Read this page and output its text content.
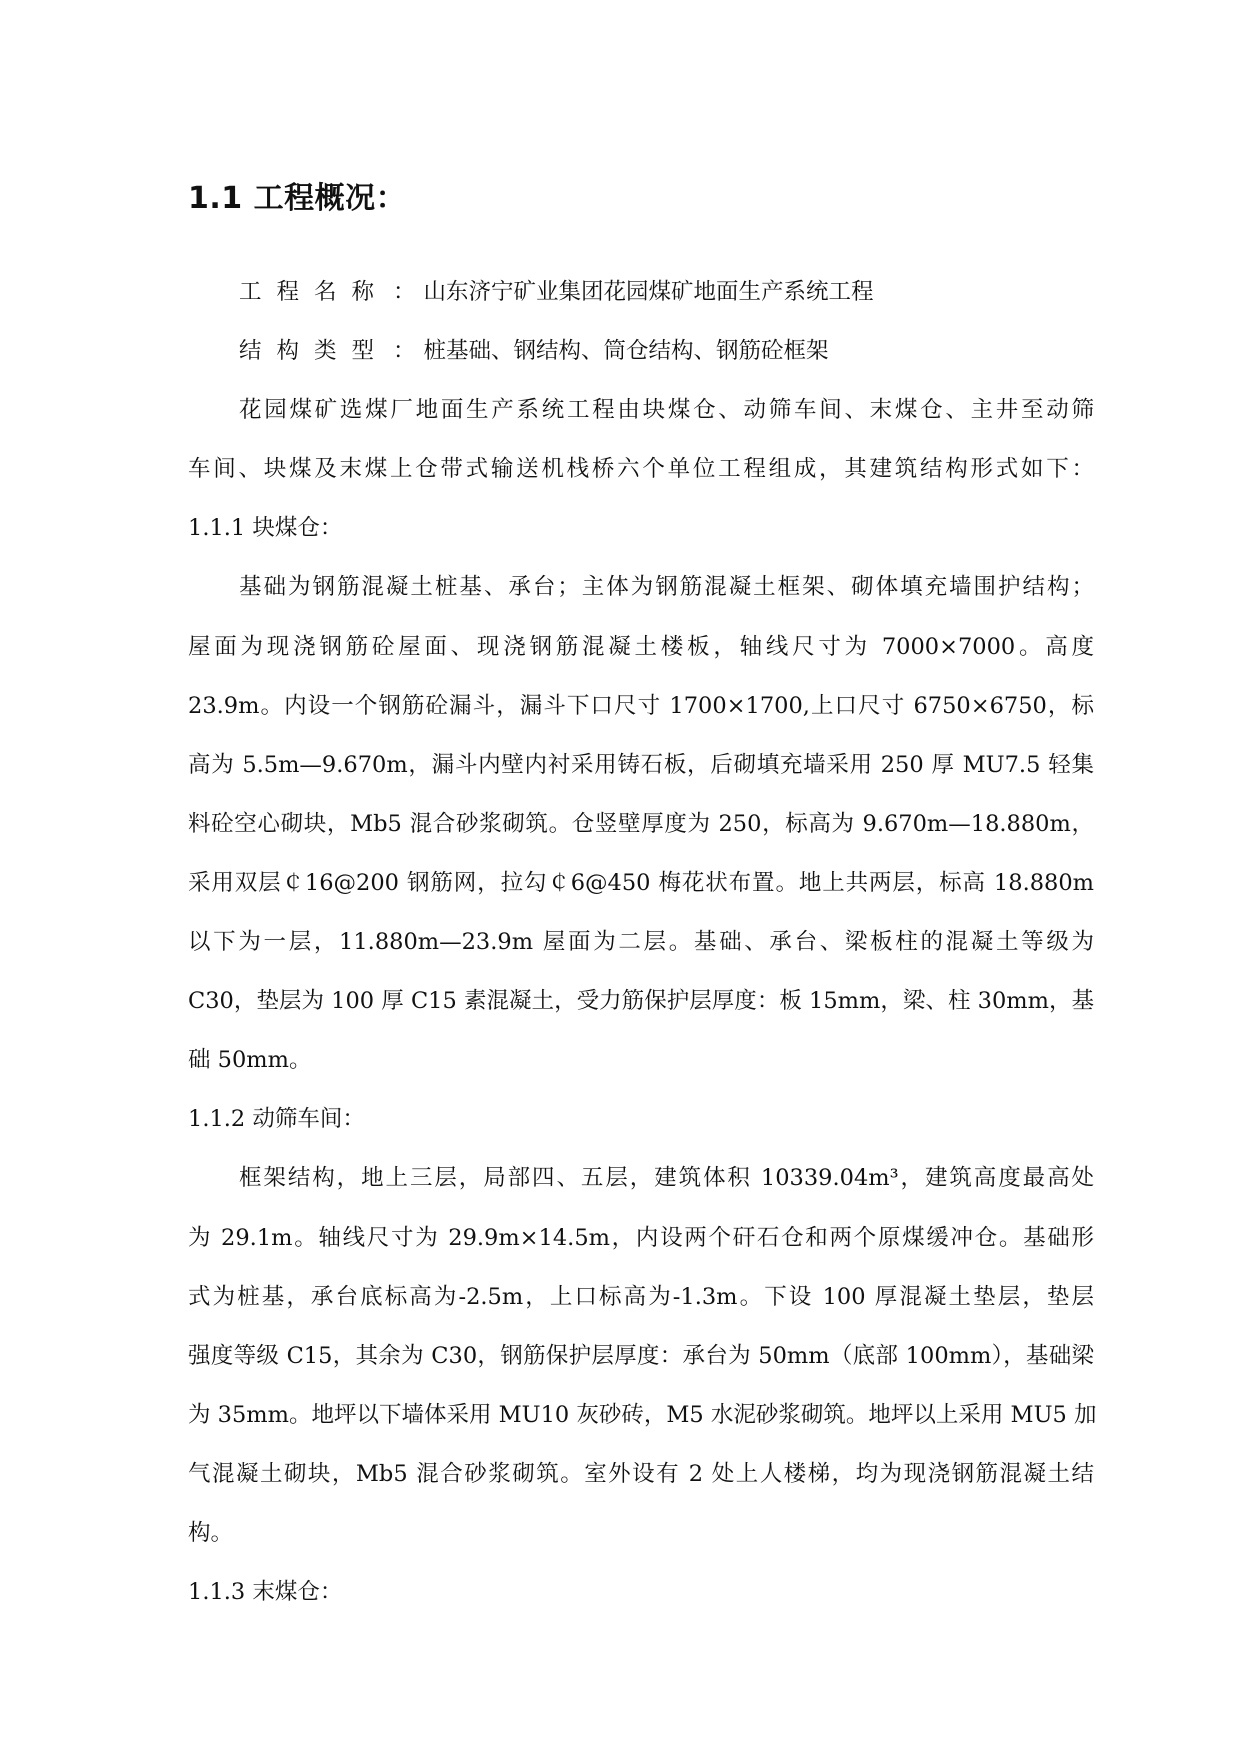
1.1 工程概况：

工程名称 ： 山东济宁矿业集团花园煤矿地面生产系统工程

结构类型 ： 桩基础、钢结构、筒仓结构、钢筋砼框架

花园煤矿选煤厂地面生产系统工程由块煤仓、动筛车间、末煤仓、主井至动筛

车间、块煤及末煤上仓带式输送机栈桥六个单位工程组成，其建筑结构形式如下：

1.1.1 块煤仓：

基础为钢筋混凝土桩基、承台；主体为钢筋混凝土框架、砌体填充墙围护结构；

屋面为现浇钢筋砼屋面、现浇钢筋混凝土楼板，轴线尺寸为 7000×7000。高度

23.9m。内设一个钢筋砼漏斗，漏斗下口尺寸 1700×1700,上口尺寸 6750×6750，标

高为 5.5m—9.670m，漏斗内壁内衬采用铸石板，后砌填充墙采用 250 厚 MU7.5 轻集

料砼空心砌块，Mb5 混合砂浆砌筑。仓竖壁厚度为 250，标高为 9.670m—18.880m，

采用双层￠16@200 钢筋网，拉勾￠6@450 梅花状布置。地上共两层，标高 18.880m

以下为一层，11.880m—23.9m 屋面为二层。基础、承台、梁板柱的混凝土等级为

C30，垫层为 100 厚 C15 素混凝土，受力筋保护层厚度：板 15mm，梁、柱 30mm，基

础 50mm。

1.1.2 动筛车间：

框架结构，地上三层，局部四、五层，建筑体积 10339.04m³，建筑高度最高处

为 29.1m。轴线尺寸为 29.9m×14.5m，内设两个矸石仓和两个原煤缓冲仓。基础形

式为桩基，承台底标高为-2.5m，上口标高为-1.3m。下设 100 厚混凝土垫层，垫层

强度等级 C15，其余为 C30，钢筋保护层厚度：承台为 50mm（底部 100mm），基础梁

为 35mm。地坪以下墙体采用 MU10 灰砂砖，M5 水泥砂浆砌筑。地坪以上采用 MU5 加

气混凝土砌块，Mb5 混合砂浆砌筑。室外设有 2 处上人楼梯，均为现浇钢筋混凝土结

构。

1.1.3 末煤仓：
